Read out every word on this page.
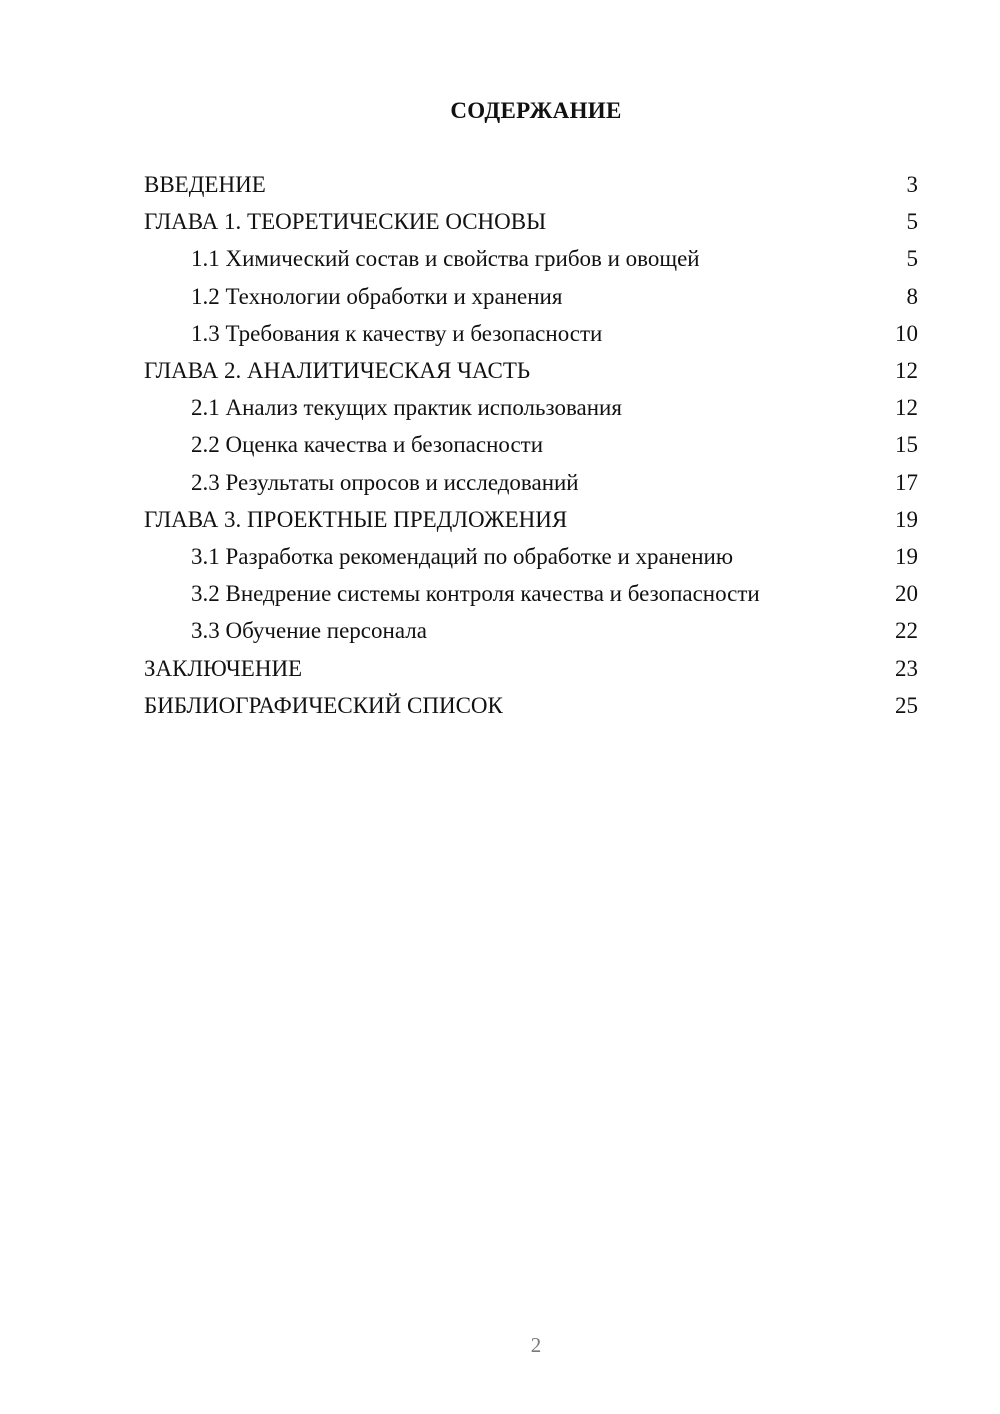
СОДЕРЖАНИЕ
ВВЕДЕНИЕ	3
ГЛАВА 1. ТЕОРЕТИЧЕСКИЕ ОСНОВЫ	5
1.1 Химический состав и свойства грибов и овощей	5
1.2 Технологии обработки и хранения	8
1.3 Требования к качеству и безопасности	10
ГЛАВА 2. АНАЛИТИЧЕСКАЯ ЧАСТЬ	12
2.1 Анализ текущих практик использования	12
2.2 Оценка качества и безопасности	15
2.3 Результаты опросов и исследований	17
ГЛАВА 3. ПРОЕКТНЫЕ ПРЕДЛОЖЕНИЯ	19
3.1 Разработка рекомендаций по обработке и хранению	19
3.2 Внедрение системы контроля качества и безопасности	20
3.3 Обучение персонала	22
ЗАКЛЮЧЕНИЕ	23
БИБЛИОГРАФИЧЕСКИЙ СПИСОК	25
2
